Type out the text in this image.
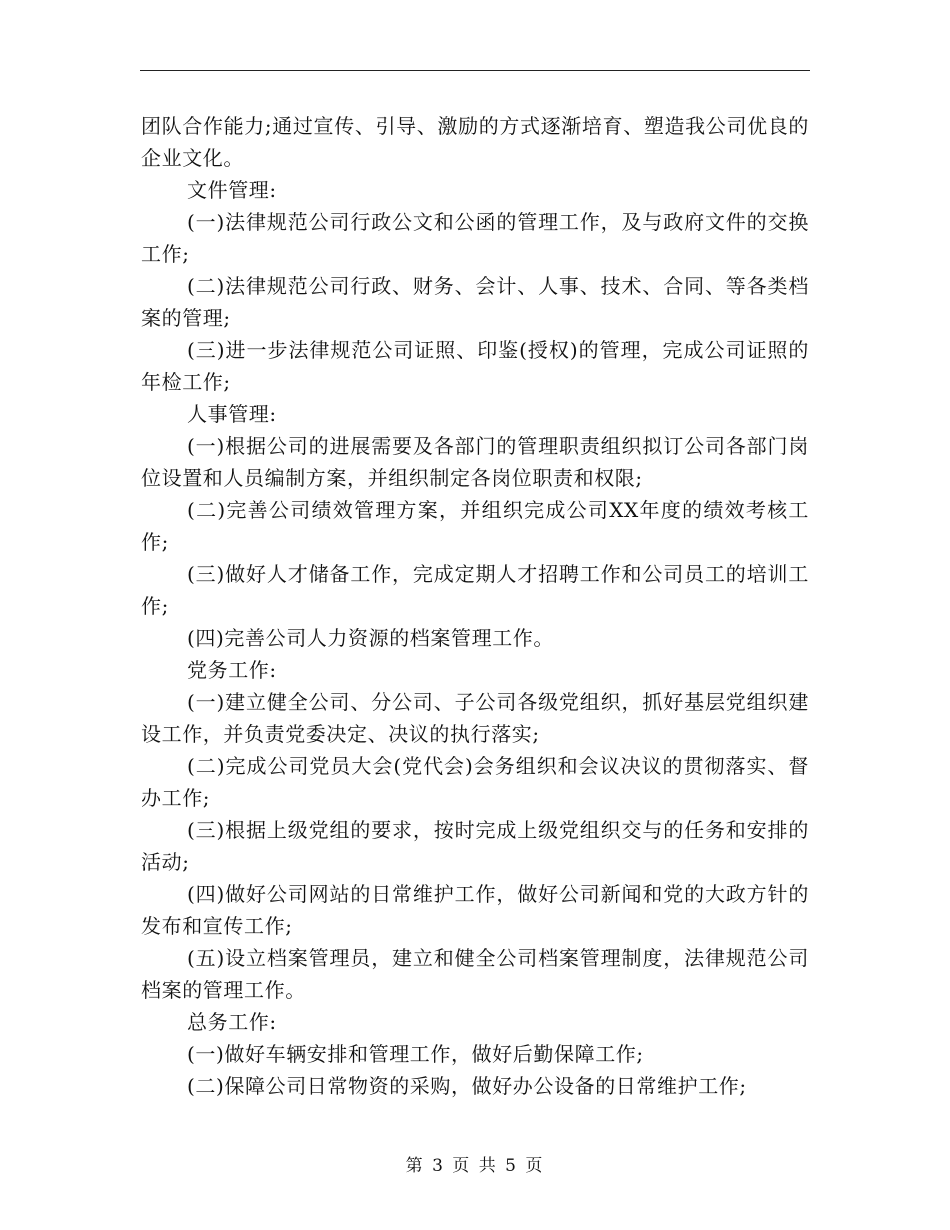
团队合作能力;通过宣传、引导、激励的方式逐渐培育、塑造我公司优良的企业文化。

文件管理:

(一)法律规范公司行政公文和公函的管理工作，及与政府文件的交换工作;

(二)法律规范公司行政、财务、会计、人事、技术、合同、等各类档案的管理;

(三)进一步法律规范公司证照、印鉴(授权)的管理，完成公司证照的年检工作;

人事管理:

(一)根据公司的进展需要及各部门的管理职责组织拟订公司各部门岗位设置和人员编制方案，并组织制定各岗位职责和权限;

(二)完善公司绩效管理方案，并组织完成公司XX年度的绩效考核工作;

(三)做好人才储备工作，完成定期人才招聘工作和公司员工的培训工作;

(四)完善公司人力资源的档案管理工作。

党务工作:

(一)建立健全公司、分公司、子公司各级党组织，抓好基层党组织建设工作，并负责党委决定、决议的执行落实;

(二)完成公司党员大会(党代会)会务组织和会议决议的贯彻落实、督办工作;

(三)根据上级党组的要求，按时完成上级党组织交与的任务和安排的活动;

(四)做好公司网站的日常维护工作，做好公司新闻和党的大政方针的发布和宣传工作;

(五)设立档案管理员，建立和健全公司档案管理制度，法律规范公司档案的管理工作。

总务工作:

(一)做好车辆安排和管理工作，做好后勤保障工作;

(二)保障公司日常物资的采购，做好办公设备的日常维护工作;

第 3 页 共 5 页
